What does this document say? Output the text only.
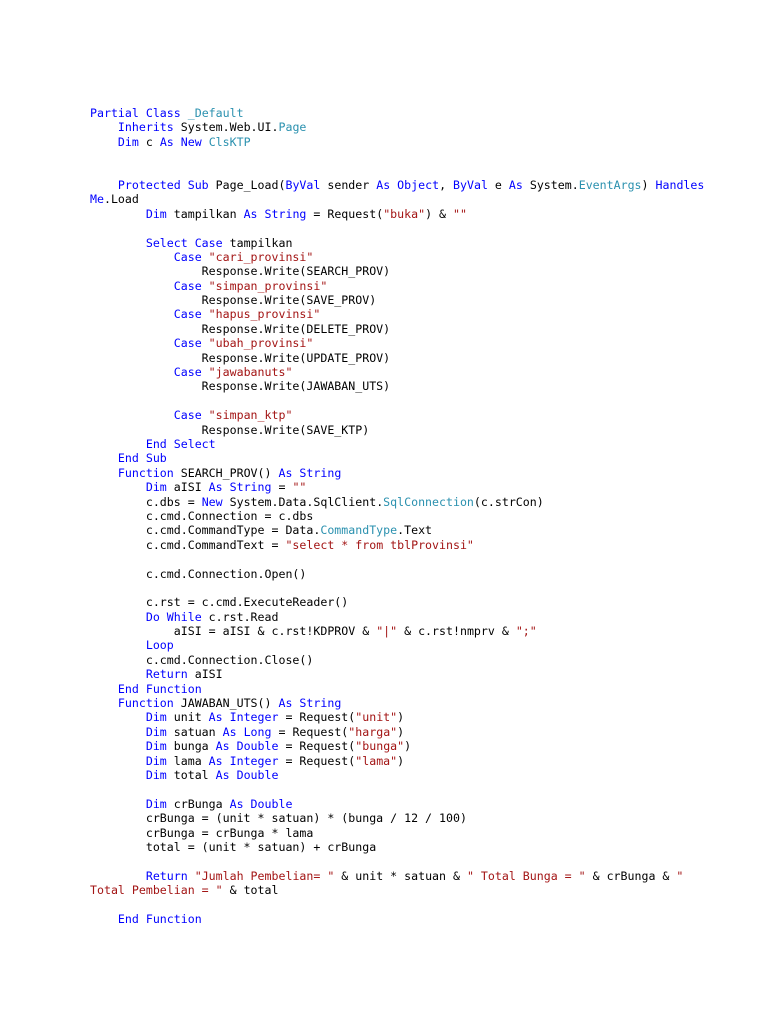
Partial Class _Default
Inherits System.Web.UI.Page
Dim c As New ClsKTP
Protected Sub Page_Load(ByVal sender As Object, ByVal e As System.EventArgs) Handles
Me.Load
Dim tampilkan As String = Request("buka") & ""
Select Case tampilkan
Case "cari_provinsi"
Response.Write(SEARCH_PROV)
Case "simpan_provinsi"
Response.Write(SAVE_PROV)
Case "hapus_provinsi"
Response.Write(DELETE_PROV)
Case "ubah_provinsi"
Response.Write(UPDATE_PROV)
Case "jawabanuts"
Response.Write(JAWABAN_UTS)
Case "simpan_ktp"
Response.Write(SAVE_KTP)
End Select
End Sub
Function SEARCH_PROV() As String
Dim aISI As String = ""
c.dbs = New System.Data.SqlClient.SqlConnection(c.strCon)
c.cmd.Connection = c.dbs
c.cmd.CommandType = Data.CommandType.Text
c.cmd.CommandText = "select * from tblProvinsi"
c.cmd.Connection.Open()
c.rst = c.cmd.ExecuteReader()
Do While c.rst.Read
aISI = aISI & c.rst!KDPROV & "|" & c.rst!nmprv & ";"
Loop
c.cmd.Connection.Close()
Return aISI
End Function
Function JAWABAN_UTS() As String
Dim unit As Integer = Request("unit")
Dim satuan As Long = Request("harga")
Dim bunga As Double = Request("bunga")
Dim lama As Integer = Request("lama")
Dim total As Double
Dim crBunga As Double
crBunga = (unit * satuan) * (bunga / 12 / 100)
crBunga = crBunga * lama
total = (unit * satuan) + crBunga
Return "Jumlah Pembelian= " & unit * satuan & " Total Bunga = " & crBunga & "
Total Pembelian = " & total
End Function
